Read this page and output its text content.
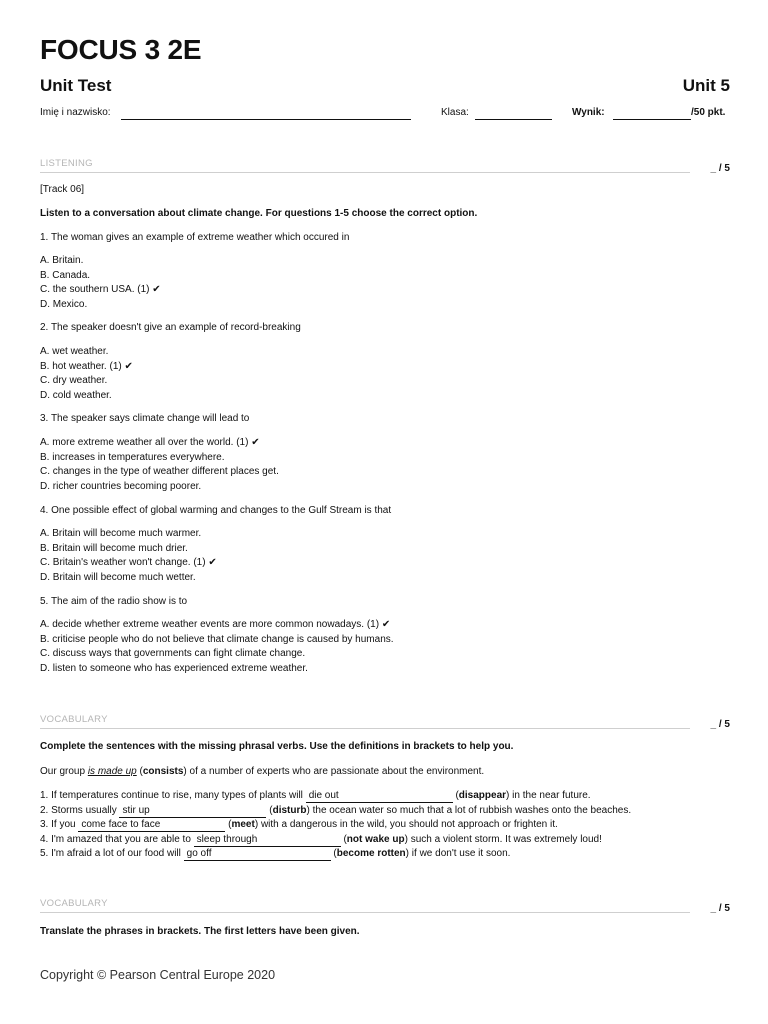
FOCUS 3 2E
Unit Test	Unit 5
Imię i nazwisko:	Klasa:	Wynik:	/50 pkt.
LISTENING	_ / 5
[Track 06]
Listen to a conversation about climate change. For questions 1-5 choose the correct option.
1. The woman gives an example of extreme weather which occured in
A. Britain.
B. Canada.
C. the southern USA. (1) ✔
D. Mexico.
2. The speaker doesn't give an example of record-breaking
A. wet weather.
B. hot weather. (1) ✔
C. dry weather.
D. cold weather.
3. The speaker says climate change will lead to
A. more extreme weather all over the world. (1) ✔
B. increases in temperatures everywhere.
C. changes in the type of weather different places get.
D. richer countries becoming poorer.
4. One possible effect of global warming and changes to the Gulf Stream is that
A. Britain will become much warmer.
B. Britain will become much drier.
C. Britain's weather won't change. (1) ✔
D. Britain will become much wetter.
5. The aim of the radio show is to
A. decide whether extreme weather events are more common nowadays. (1) ✔
B. criticise people who do not believe that climate change is caused by humans.
C. discuss ways that governments can fight climate change.
D. listen to someone who has experienced extreme weather.
VOCABULARY	_ / 5
Complete the sentences with the missing phrasal verbs. Use the definitions in brackets to help you.
Our group is made up (consists) of a number of experts who are passionate about the environment.
1. If temperatures continue to rise, many types of plants will die out	(disappear) in the near future.
2. Storms usually stir up	(disturb) the ocean water so much that a lot of rubbish washes onto the beaches.
3. If you come face to face	(meet) with a dangerous in the wild, you should not approach or frighten it.
4. I'm amazed that you are able to sleep through	(not wake up) such a violent storm. It was extremely loud!
5. I'm afraid a lot of our food will go off	(become rotten) if we don't use it soon.
VOCABULARY	_ / 5
Translate the phrases in brackets. The first letters have been given.
Copyright © Pearson Central Europe 2020
